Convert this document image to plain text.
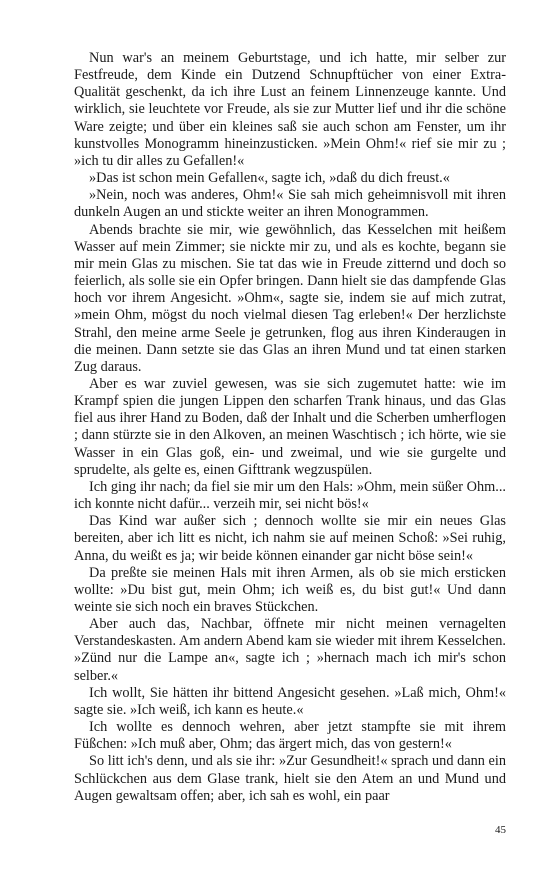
Nun war's an meinem Geburtstage, und ich hatte, mir selber zur Festfreude, dem Kinde ein Dutzend Schnupftücher von einer Extra-Qualität geschenkt, da ich ihre Lust an feinem Linnenzeuge kannte. Und wirklich, sie leuchtete vor Freude, als sie zur Mutter lief und ihr die schöne Ware zeigte; und über ein kleines saß sie auch schon am Fenster, um ihr kunstvolles Monogramm hineinzusticken. »Mein Ohm!« rief sie mir zu ; »ich tu dir alles zu Gefallen!«

»Das ist schon mein Gefallen«, sagte ich, »daß du dich freust.«

»Nein, noch was anderes, Ohm!« Sie sah mich geheimnisvoll mit ihren dunkeln Augen an und stickte weiter an ihren Monogrammen.

Abends brachte sie mir, wie gewöhnlich, das Kesselchen mit heißem Wasser auf mein Zimmer; sie nickte mir zu, und als es kochte, begann sie mir mein Glas zu mischen. Sie tat das wie in Freude zitternd und doch so feierlich, als solle sie ein Opfer bringen. Dann hielt sie das dampfende Glas hoch vor ihrem Angesicht. »Ohm«, sagte sie, indem sie auf mich zutrat, »mein Ohm, mögst du noch vielmal diesen Tag erleben!« Der herzlichste Strahl, den meine arme Seele je getrunken, flog aus ihren Kinderaugen in die meinen. Dann setzte sie das Glas an ihren Mund und tat einen starken Zug daraus.

Aber es war zuviel gewesen, was sie sich zugemutet hatte: wie im Krampf spien die jungen Lippen den scharfen Trank hinaus, und das Glas fiel aus ihrer Hand zu Boden, daß der Inhalt und die Scherben umherflogen ; dann stürzte sie in den Alkoven, an meinen Waschtisch ; ich hörte, wie sie Wasser in ein Glas goß, ein- und zweimal, und wie sie gurgelte und sprudelte, als gelte es, einen Gifttrank wegzuspülen.

Ich ging ihr nach; da fiel sie mir um den Hals: »Ohm, mein süßer Ohm... ich konnte nicht dafür... verzeih mir, sei nicht bös!«

Das Kind war außer sich ; dennoch wollte sie mir ein neues Glas bereiten, aber ich litt es nicht, ich nahm sie auf meinen Schoß: »Sei ruhig, Anna, du weißt es ja; wir beide können einander gar nicht böse sein!«

Da preßte sie meinen Hals mit ihren Armen, als ob sie mich ersticken wollte: »Du bist gut, mein Ohm; ich weiß es, du bist gut!« Und dann weinte sie sich noch ein braves Stückchen.

Aber auch das, Nachbar, öffnete mir nicht meinen vernagelten Verstandeskasten. Am andern Abend kam sie wieder mit ihrem Kesselchen. »Zünd nur die Lampe an«, sagte ich ; »hernach mach ich mir's schon selber.«

Ich wollt, Sie hätten ihr bittend Angesicht gesehen. »Laß mich, Ohm!« sagte sie. »Ich weiß, ich kann es heute.«

Ich wollte es dennoch wehren, aber jetzt stampfte sie mit ihrem Füßchen: »Ich muß aber, Ohm; das ärgert mich, das von gestern!«

So litt ich's denn, und als sie ihr: »Zur Gesundheit!« sprach und dann ein Schlückchen aus dem Glase trank, hielt sie den Atem an und Mund und Augen gewaltsam offen; aber, ich sah es wohl, ein paar

45
